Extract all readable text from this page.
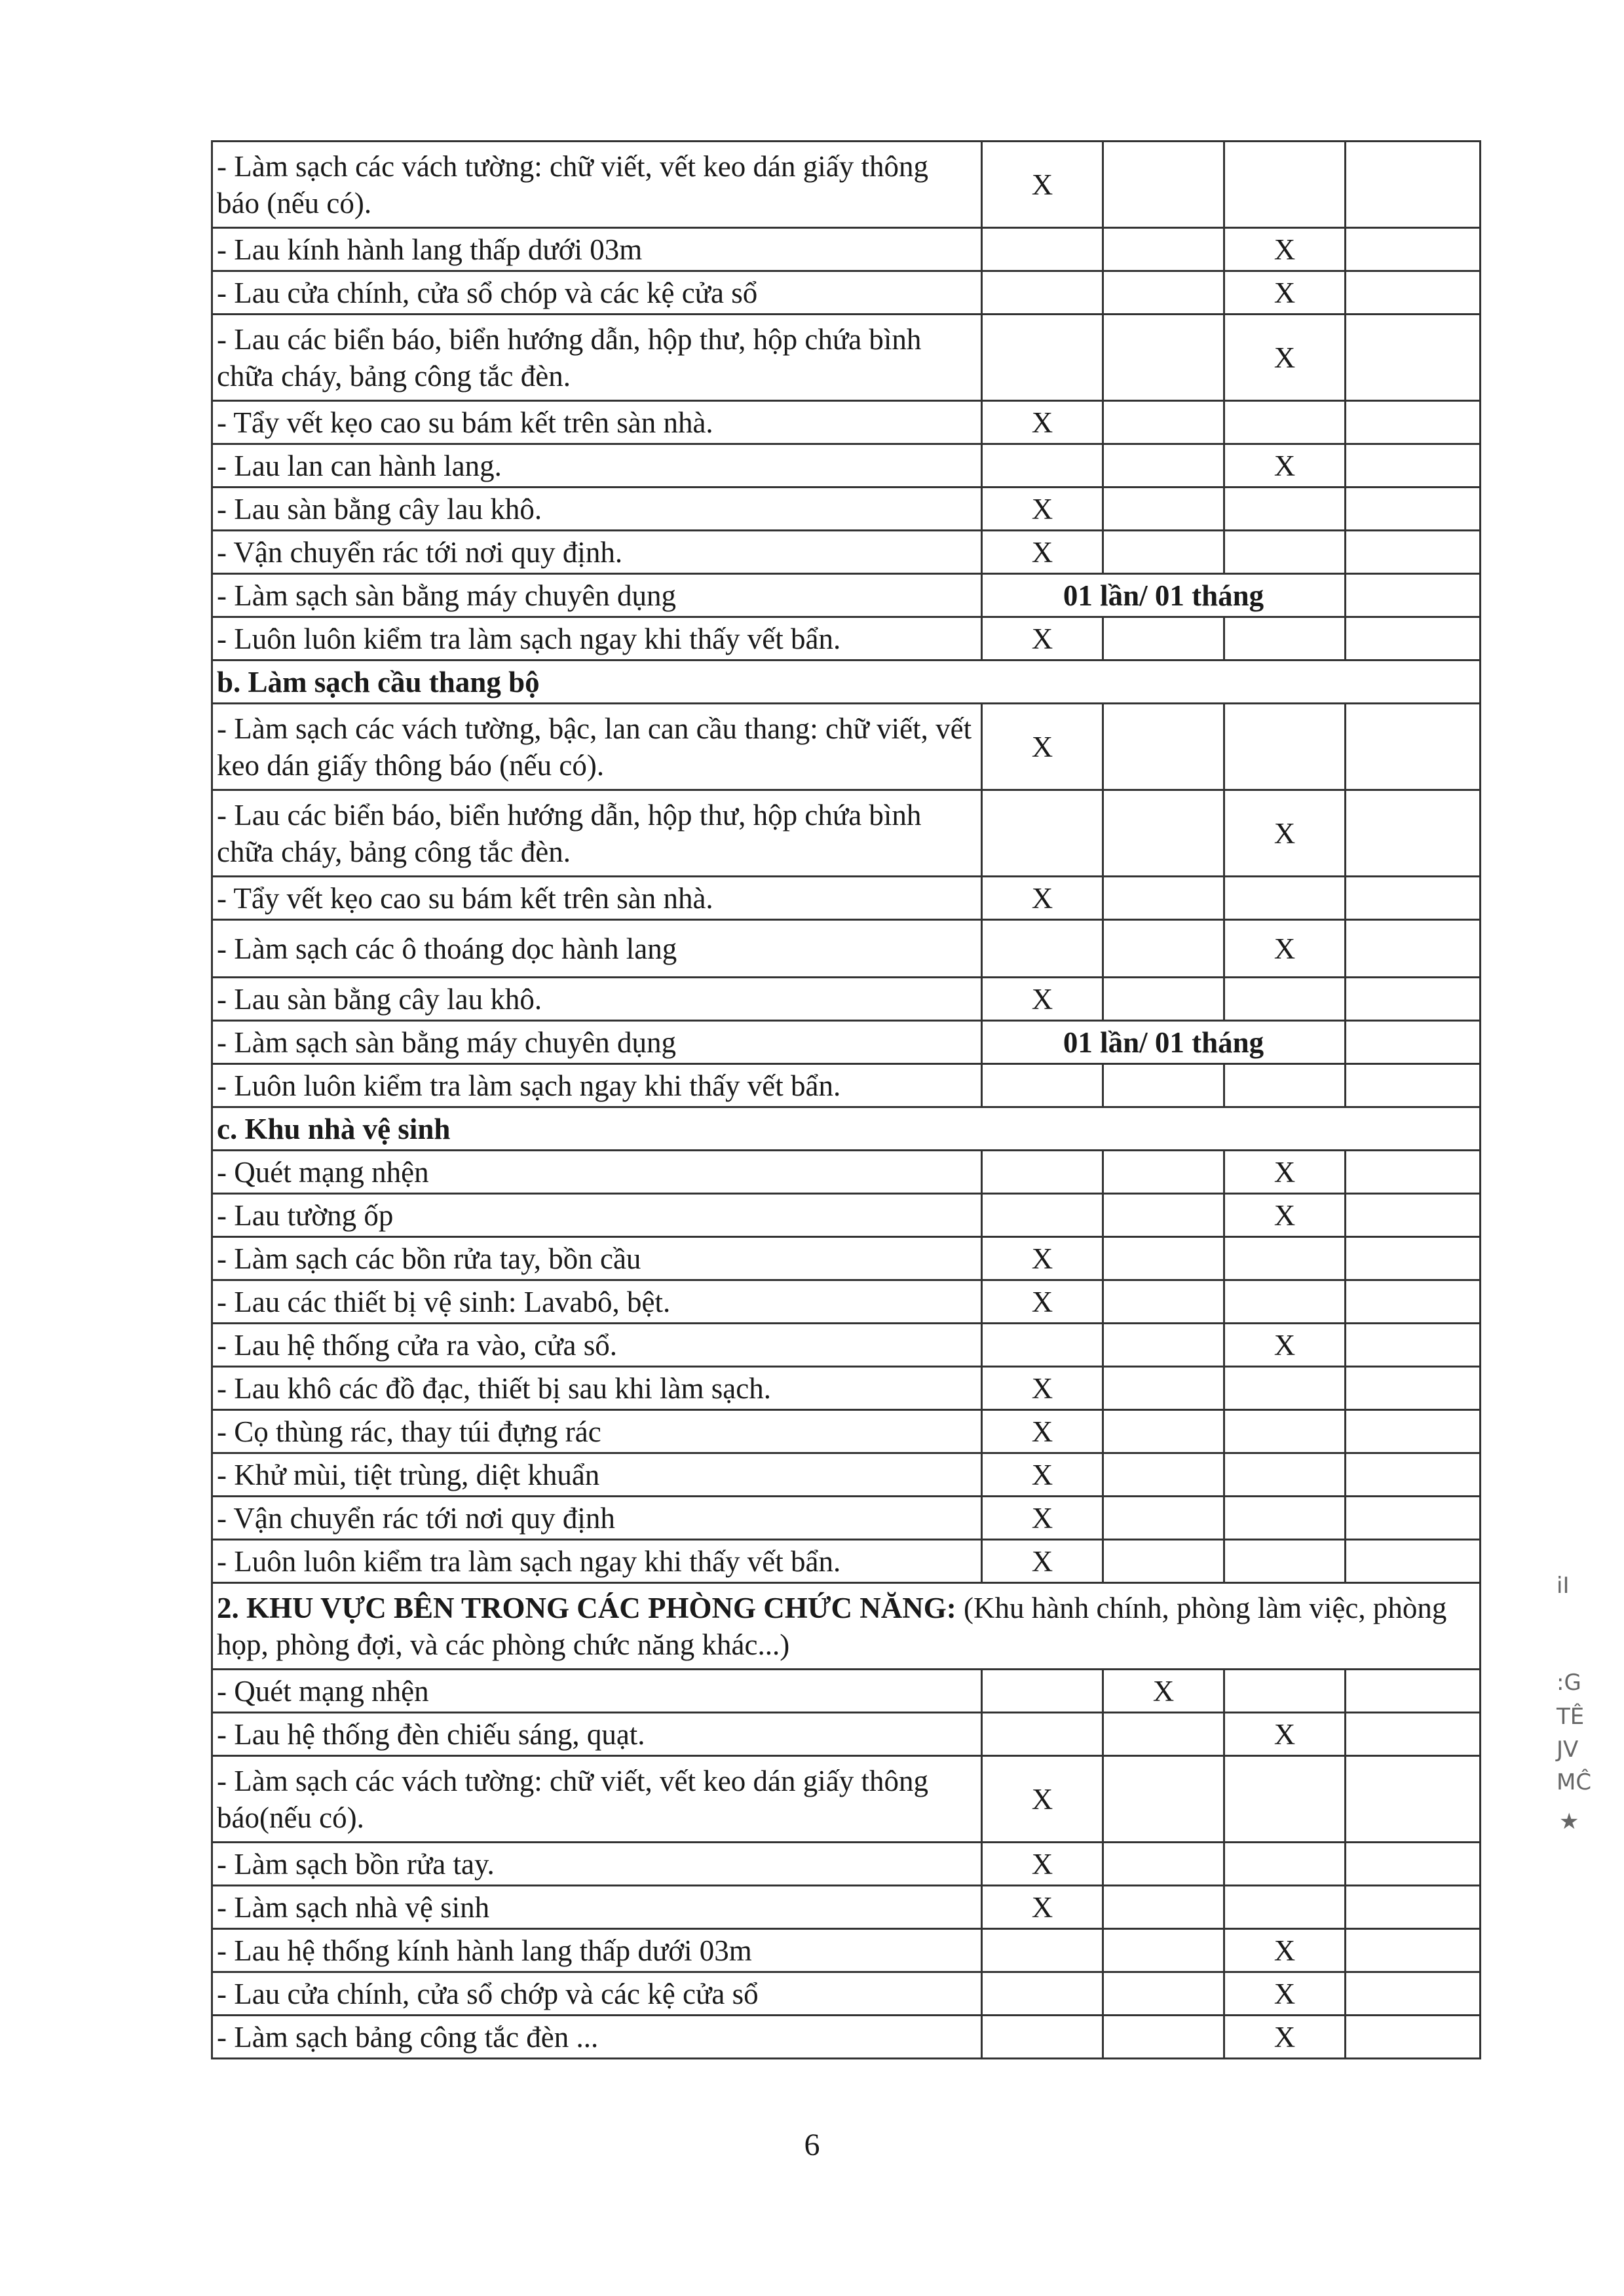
- Làm sạch các vách tường: chữ viết, vết keo dán giấy thông báo (nếu có).	X			
- Lau kính hành lang thấp dưới 03m			X	
- Lau cửa chính, cửa sổ chóp và các kệ cửa sổ			X	
- Lau các biển báo, biển hướng dẫn, hộp thư, hộp chứa bình chữa cháy, bảng công tắc đèn.			X	
- Tẩy vết kẹo cao su bám kết trên sàn nhà.	X			
- Lau lan can hành lang.			X	
- Lau sàn bằng cây lau khô.	X			
- Vận chuyển rác tới nơi quy định.	X			
- Làm sạch sàn bằng máy chuyên dụng	01 lần/ 01 tháng			
- Luôn luôn kiểm tra làm sạch ngay khi thấy vết bẩn.	X			
b. Làm sạch cầu thang bộ				
- Làm sạch các vách tường, bậc, lan can cầu thang: chữ viết, vết keo dán giấy thông báo (nếu có).	X			
- Lau các biển báo, biển hướng dẫn, hộp thư, hộp chứa bình chữa cháy, bảng công tắc đèn.			X	
- Tẩy vết kẹo cao su bám kết trên sàn nhà.	X			
- Làm sạch các ô thoáng dọc hành lang			X	
- Lau sàn bằng cây lau khô.	X			
- Làm sạch sàn bằng máy chuyên dụng	01 lần/ 01 tháng			
- Luôn luôn kiểm tra làm sạch ngay khi thấy vết bẩn.				
c. Khu nhà vệ sinh				
- Quét mạng nhện			X	
- Lau tường ốp			X	
- Làm sạch các bồn rửa tay, bồn cầu	X			
- Lau các thiết bị vệ sinh: Lavabô, bệt.	X			
- Lau hệ thống cửa ra vào, cửa sổ.			X	
- Lau khô các đồ đạc, thiết bị sau khi làm sạch.	X			
- Cọ thùng rác, thay túi đựng rác	X			
- Khử mùi, tiệt trùng, diệt khuẩn	X			
- Vận chuyển rác tới nơi quy định	X			
- Luôn luôn kiểm tra làm sạch ngay khi thấy vết bẩn.	X			
2. KHU VỰC BÊN TRONG CÁC PHÒNG CHỨC NĂNG: (Khu hành chính, phòng làm việc, phòng họp, phòng đợi, và các phòng chức năng khác...)				
- Quét mạng nhện		X		
- Lau hệ thống đèn chiếu sáng, quạt.			X	
- Làm sạch các vách tường: chữ viết, vết keo dán giấy thông báo(nếu có).	X			
- Làm sạch bồn rửa tay.	X			
- Làm sạch nhà vệ sinh	X			
- Lau hệ thống kính hành lang thấp dưới 03m			X	
- Lau cửa chính, cửa sổ chớp và các kệ cửa sổ			X	
- Làm sạch bảng công tắc đèn ...			X	
6
iI
:G
TÊ
JV
MĈ
★
